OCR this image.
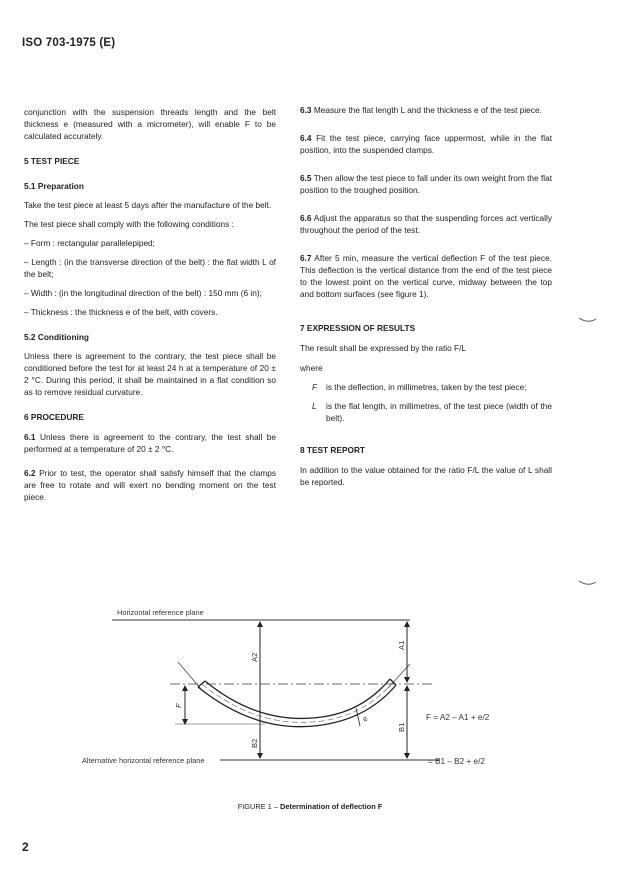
ISO 703-1975 (E)

conjunction with the suspension threads length and the belt thickness e (measured with a micrometer), will enable F to be calculated accurately.

5 TEST PIECE

5.1 Preparation

Take the test piece at least 5 days after the manufacture of the belt.

The test piece shall comply with the following conditions :

– Form : rectangular parallelepiped;

– Length : (in the transverse direction of the belt) : the flat width L of the belt;

– Width : (in the longitudinal direction of the belt) : 150 mm (6 in);

– Thickness : the thickness e of the belt, with covers.

5.2 Conditioning

Unless there is agreement to the contrary, the test piece shall be conditioned before the test for at least 24 h at a temperature of 20 ± 2 °C. During this period, it shall be maintained in a flat condition so as to remove residual curvature.

6 PROCEDURE

6.1 Unless there is agreement to the contrary, the test shall be performed at a temperature of 20 ± 2 °C.

6.2 Prior to test, the operator shall satisfy himself that the clamps are free to rotate and will exert no bending moment on the test piece.

6.3 Measure the flat length L and the thickness e of the test piece.

6.4 Fit the test piece, carrying face uppermost, while in the flat position, into the suspended clamps.

6.5 Then allow the test piece to fall under its own weight from the flat position to the troughed position.

6.6 Adjust the apparatus so that the suspending forces act vertically throughout the period of the test.

6.7 After 5 min, measure the vertical deflection F of the test piece. This deflection is the vertical distance from the end of the test piece to the lowest point on the vertical curve, midway between the top and bottom surfaces (see figure 1).

7 EXPRESSION OF RESULTS

The result shall be expressed by the ratio F/L

where

F	is the deflection, in millimetres, taken by the test piece;
L	is the flat length, in millimetres, of the test piece (width of the belt).

8 TEST REPORT

In addition to the value obtained for the ratio F/L the value of L shall be reported.

Horizontal reference plane
Alternative horizontal reference plane
A2
B2
A1
B1
F
e	F = A2 – A1 + e/2
= B1 – B2 + e/2
FIGURE 1 – Determination of deflection F
2
